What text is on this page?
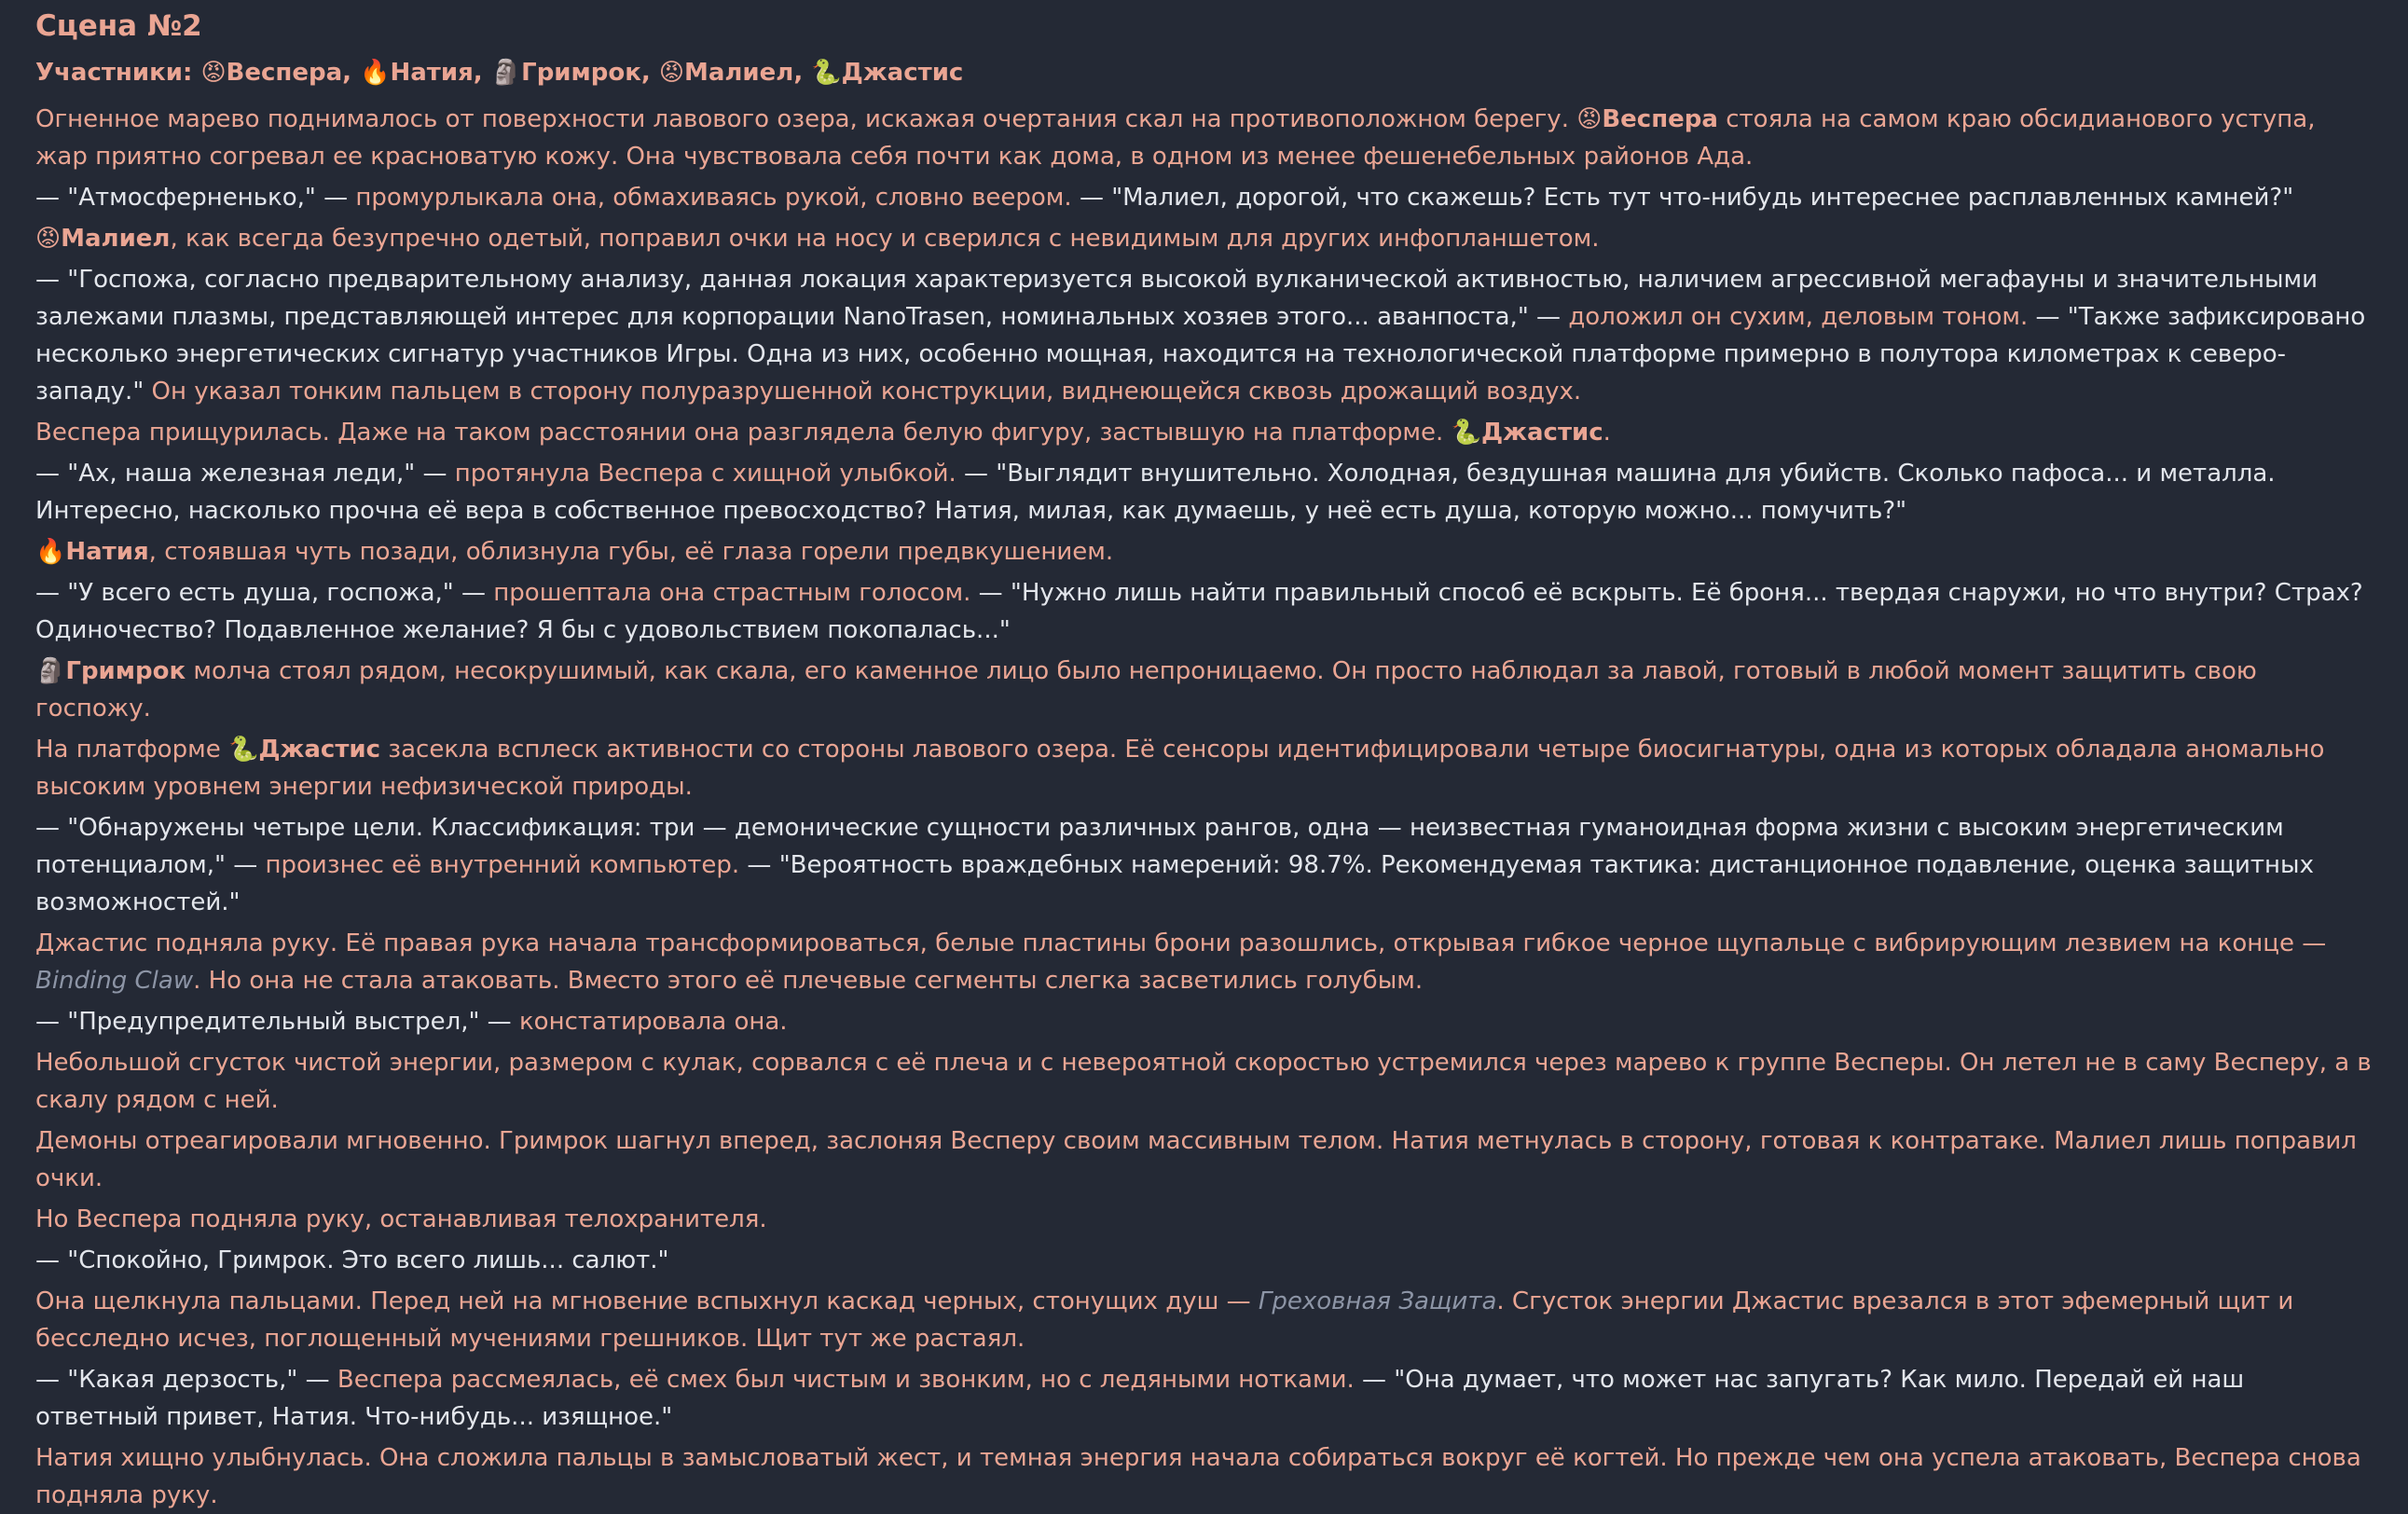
Сцена №2
Участники: 😡Веспера, 🔥Натия, 🗿Гримрок, 😡Малиел, 🐍Джастис

Огненное марево поднималось от поверхности лавового озера, искажая очертания скал на противоположном берегу. 😡Веспера стояла на самом краю обсидианового уступа, жар приятно согревал ее красноватую кожу. Она чувствовала себя почти как дома, в одном из менее фешенебельных районов Ада.

— "Атмосферненько," — промурлыкала она, обмахиваясь рукой, словно веером. — "Малиел, дорогой, что скажешь? Есть тут что-нибудь интереснее расплавленных камней?"

😡Малиел, как всегда безупречно одетый, поправил очки на носу и сверился с невидимым для других инфопланшетом.

— "Госпожа, согласно предварительному анализу, данная локация характеризуется высокой вулканической активностью, наличием агрессивной мегафауны и значительными залежами плазмы, представляющей интерес для корпорации NanoTrasen, номинальных хозяев этого... аванпоста," — доложил он сухим, деловым тоном. — "Также зафиксировано несколько энергетических сигнатур участников Игры. Одна из них, особенно мощная, находится на технологической платформе примерно в полутора километрах к северо-западу." Он указал тонким пальцем в сторону полуразрушенной конструкции, виднеющейся сквозь дрожащий воздух.

Веспера прищурилась. Даже на таком расстоянии она разглядела белую фигуру, застывшую на платформе. 🐍Джастис.

— "Ах, наша железная леди," — протянула Веспера с хищной улыбкой. — "Выглядит внушительно. Холодная, бездушная машина для убийств. Сколько пафоса... и металла. Интересно, насколько прочна её вера в собственное превосходство? Натия, милая, как думаешь, у неё есть душа, которую можно... помучить?"

🔥Натия, стоявшая чуть позади, облизнула губы, её глаза горели предвкушением.

— "У всего есть душа, госпожа," — прошептала она страстным голосом. — "Нужно лишь найти правильный способ её вскрыть. Её броня... твердая снаружи, но что внутри? Страх? Одиночество? Подавленное желание? Я бы с удовольствием покопалась..."

🗿Гримрок молча стоял рядом, несокрушимый, как скала, его каменное лицо было непроницаемо. Он просто наблюдал за лавой, готовый в любой момент защитить свою госпожу.

На платформе 🐍Джастис засекла всплеск активности со стороны лавового озера. Её сенсоры идентифицировали четыре биосигнатуры, одна из которых обладала аномально высоким уровнем энергии нефизической природы.

— "Обнаружены четыре цели. Классификация: три — демонические сущности различных рангов, одна — неизвестная гуманоидная форма жизни с высоким энергетическим потенциалом," — произнес её внутренний компьютер. — "Вероятность враждебных намерений: 98.7%. Рекомендуемая тактика: дистанционное подавление, оценка защитных возможностей."

Джастис подняла руку. Её правая рука начала трансформироваться, белые пластины брони разошлись, открывая гибкое черное щупальце с вибрирующим лезвием на конце — Binding Claw. Но она не стала атаковать. Вместо этого её плечевые сегменты слегка засветились голубым.

— "Предупредительный выстрел," — констатировала она.

Небольшой сгусток чистой энергии, размером с кулак, сорвался с её плеча и с невероятной скоростью устремился через марево к группе Весперы. Он летел не в саму Весперу, а в скалу рядом с ней.

Демоны отреагировали мгновенно. Гримрок шагнул вперед, заслоняя Весперу своим массивным телом. Натия метнулась в сторону, готовая к контратаке. Малиел лишь поправил очки.

Но Веспера подняла руку, останавливая телохранителя.

— "Спокойно, Гримрок. Это всего лишь... салют."

Она щелкнула пальцами. Перед ней на мгновение вспыхнул каскад черных, стонущих душ — Греховная Защита. Сгусток энергии Джастис врезался в этот эфемерный щит и бесследно исчез, поглощенный мучениями грешников. Щит тут же растаял.

— "Какая дерзость," — Веспера рассмеялась, её смех был чистым и звонким, но с ледяными нотками. — "Она думает, что может нас запугать? Как мило. Передай ей наш ответный привет, Натия. Что-нибудь... изящное."

Натия хищно улыбнулась. Она сложила пальцы в замысловатый жест, и темная энергия начала собираться вокруг её когтей. Но прежде чем она успела атаковать, Веспера снова подняла руку.
